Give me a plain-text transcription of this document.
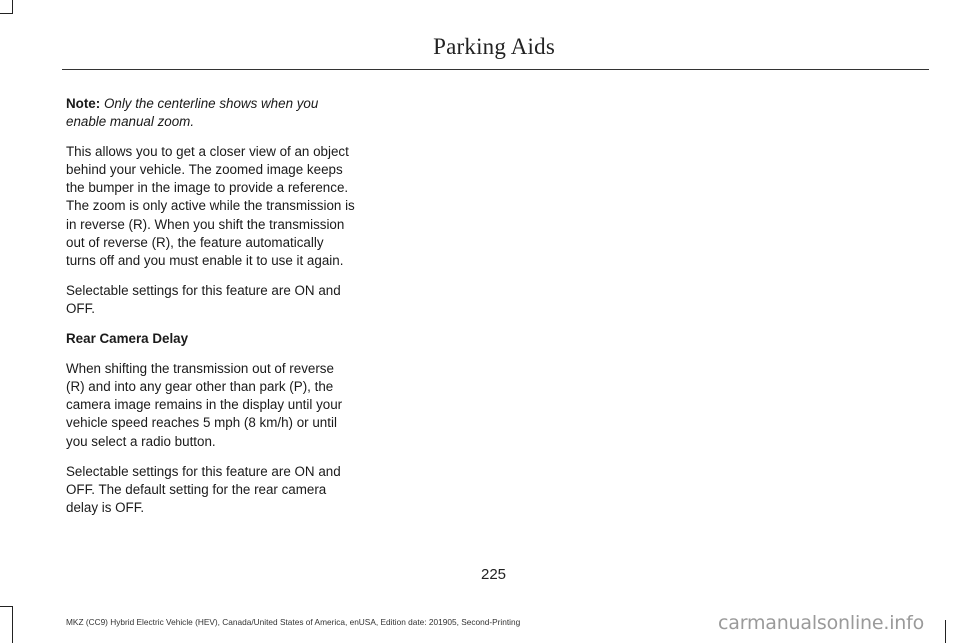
Parking Aids

Note: Only the centerline shows when you enable manual zoom.

This allows you to get a closer view of an object behind your vehicle. The zoomed image keeps the bumper in the image to provide a reference. The zoom is only active while the transmission is in reverse (R). When you shift the transmission out of reverse (R), the feature automatically turns off and you must enable it to use it again.

Selectable settings for this feature are ON and OFF.

Rear Camera Delay

When shifting the transmission out of reverse (R) and into any gear other than park (P), the camera image remains in the display until your vehicle speed reaches 5 mph (8 km/h) or until you select a radio button.

Selectable settings for this feature are ON and OFF. The default setting for the rear camera delay is OFF.

225
MKZ (CC9) Hybrid Electric Vehicle (HEV), Canada/United States of America, enUSA, Edition date: 201905, Second-Printing	carmanualsonline.info
